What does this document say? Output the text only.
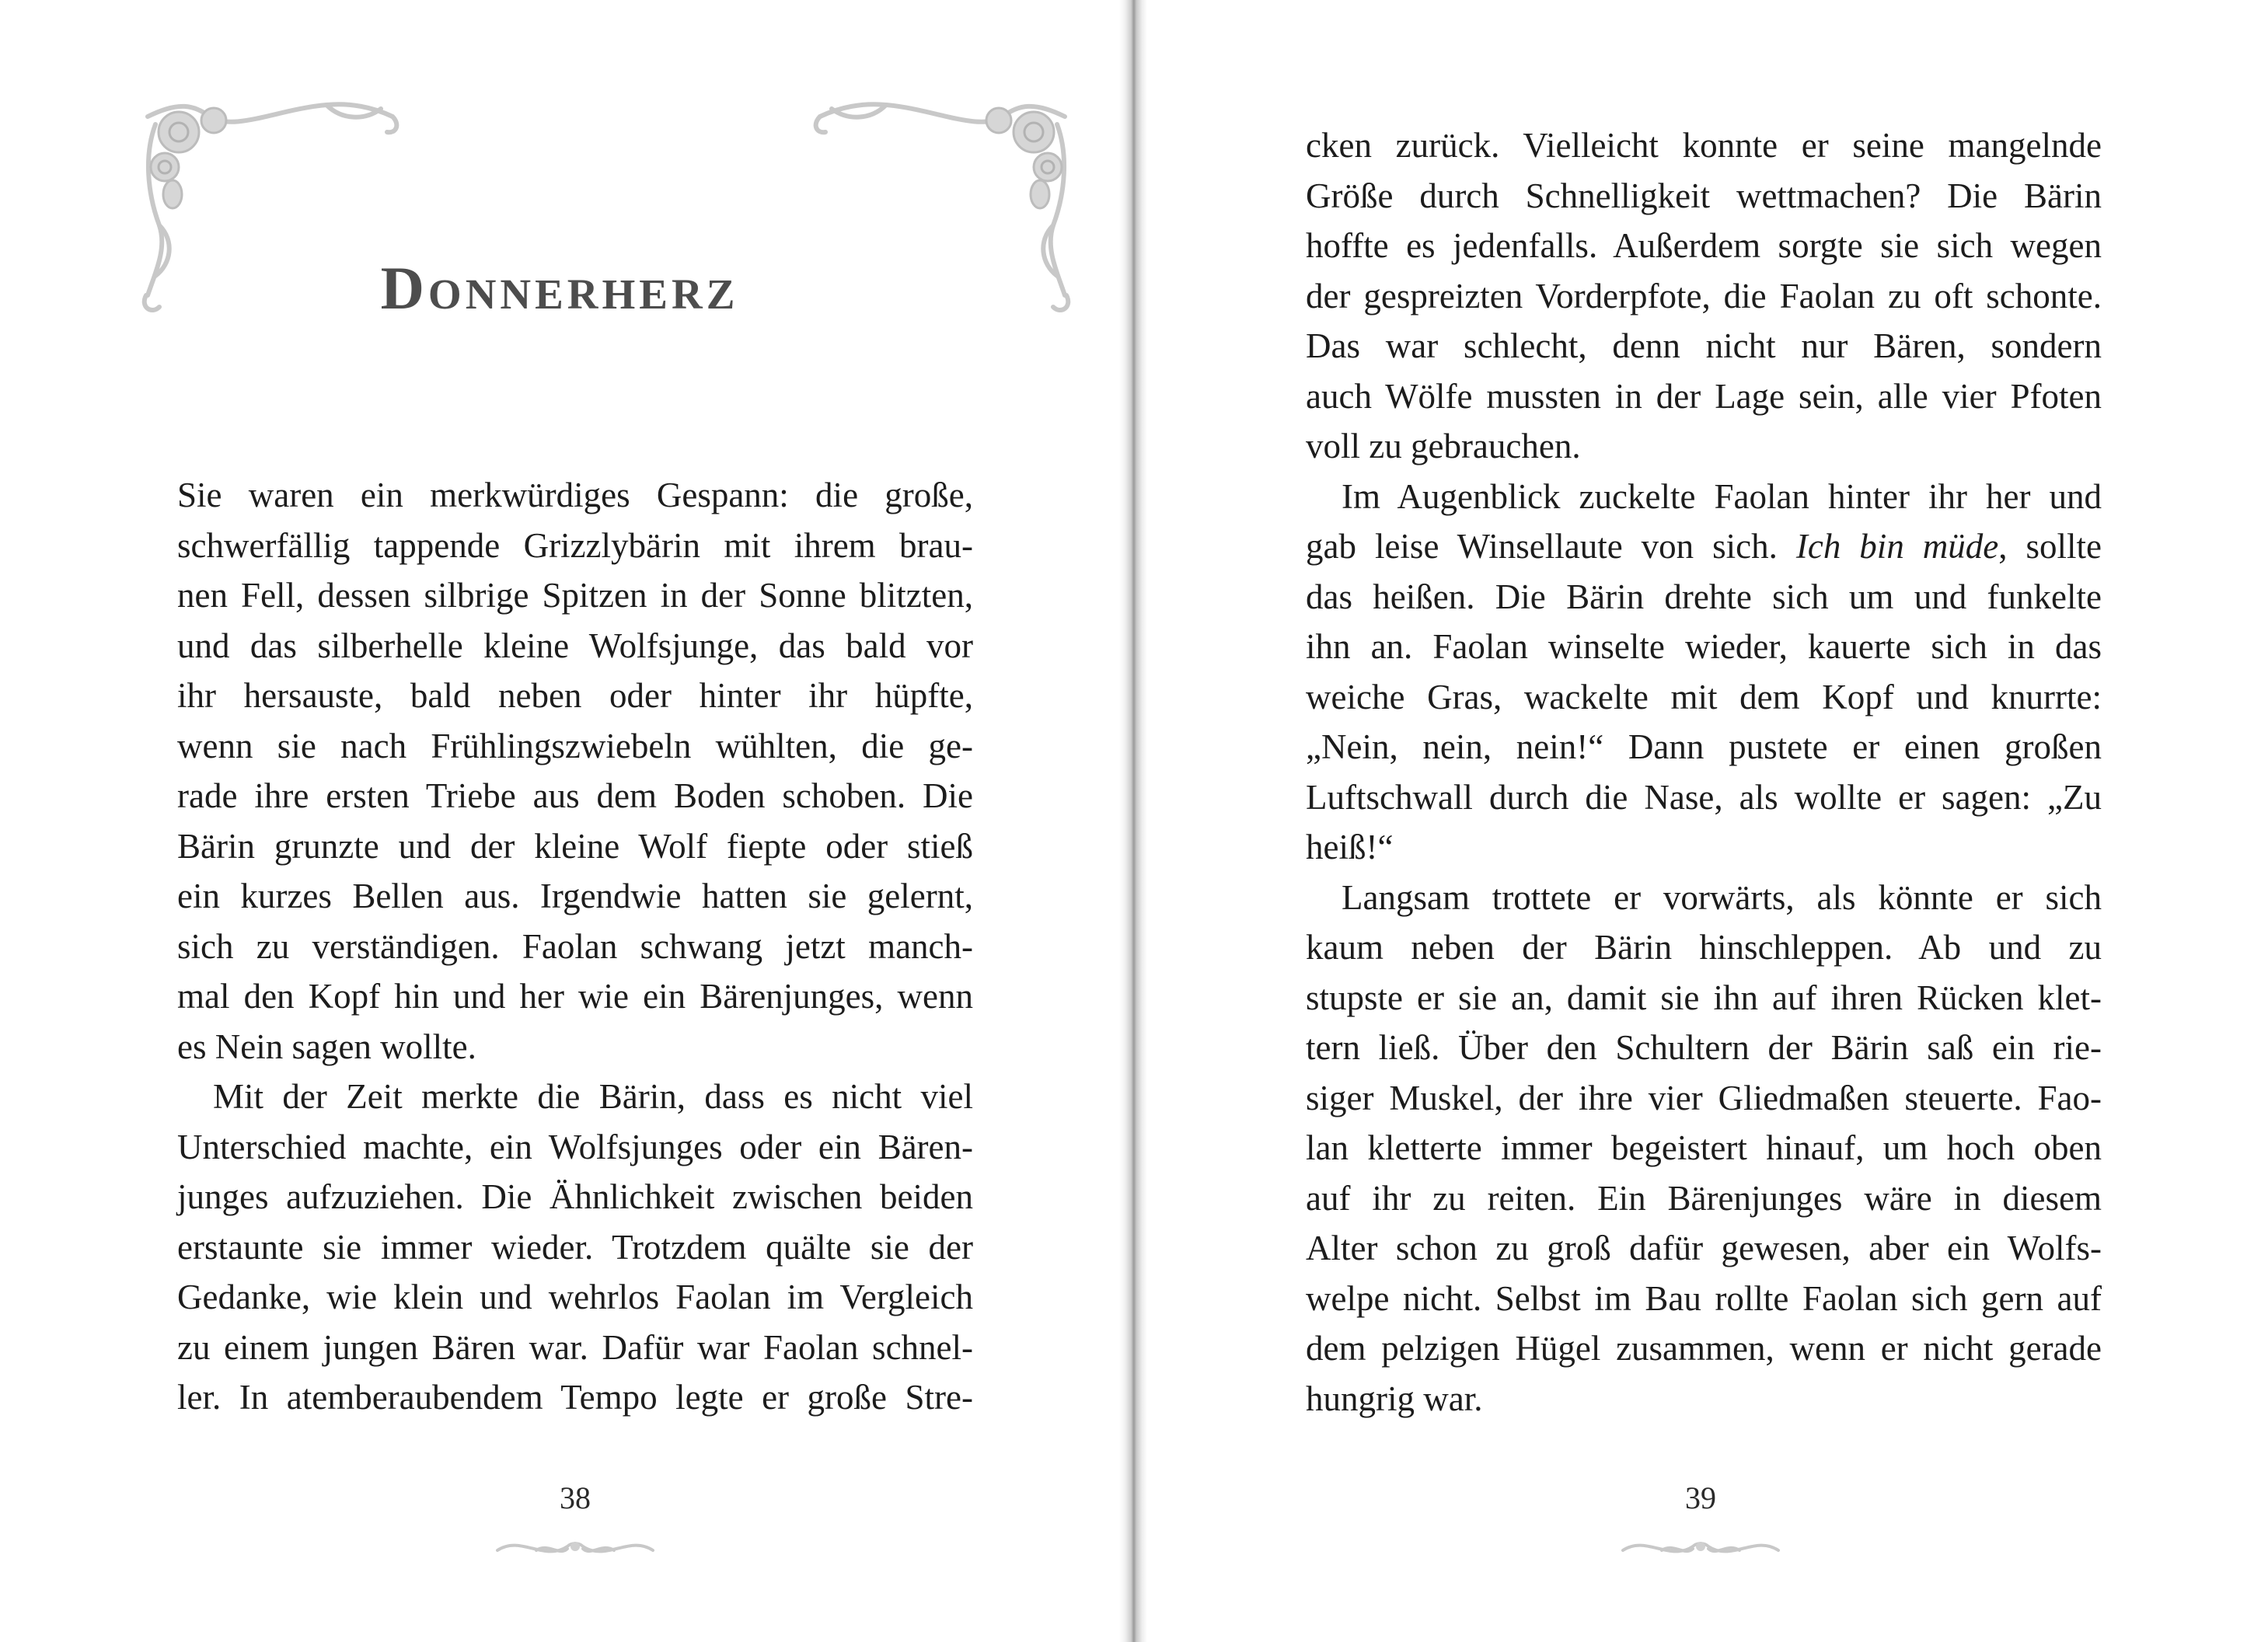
Donnerherz
Sie waren ein merkwürdiges Gespann: die große,
schwerfällig tappende Grizzlybärin mit ihrem brau-
nen Fell, dessen silbrige Spitzen in der Sonne blitzten,
und das silberhelle kleine Wolfsjunge, das bald vor
ihr hersauste, bald neben oder hinter ihr hüpfte,
wenn sie nach Frühlingszwiebeln wühlten, die ge-
rade ihre ersten Triebe aus dem Boden schoben. Die
Bärin grunzte und der kleine Wolf fiepte oder stieß
ein kurzes Bellen aus. Irgendwie hatten sie gelernt,
sich zu verständigen. Faolan schwang jetzt manch-
mal den Kopf hin und her wie ein Bärenjunges, wenn
es Nein sagen wollte.
Mit der Zeit merkte die Bärin, dass es nicht viel
Unterschied machte, ein Wolfsjunges oder ein Bären-
junges aufzuziehen. Die Ähnlichkeit zwischen beiden
erstaunte sie immer wieder. Trotzdem quälte sie der
Gedanke, wie klein und wehrlos Faolan im Vergleich
zu einem jungen Bären war. Dafür war Faolan schnel-
ler. In atemberaubendem Tempo legte er große Stre-
38
cken zurück. Vielleicht konnte er seine mangelnde
Größe durch Schnelligkeit wettmachen? Die Bärin
hoffte es jedenfalls. Außerdem sorgte sie sich wegen
der gespreizten Vorderpfote, die Faolan zu oft schonte.
Das war schlecht, denn nicht nur Bären, sondern
auch Wölfe mussten in der Lage sein, alle vier Pfoten
voll zu gebrauchen.
Im Augenblick zuckelte Faolan hinter ihr her und
gab leise Winsellaute von sich. Ich bin müde, sollte
das heißen. Die Bärin drehte sich um und funkelte
ihn an. Faolan winselte wieder, kauerte sich in das
weiche Gras, wackelte mit dem Kopf und knurrte:
„Nein, nein, nein!“ Dann pustete er einen großen
Luftschwall durch die Nase, als wollte er sagen: „Zu
heiß!“
Langsam trottete er vorwärts, als könnte er sich
kaum neben der Bärin hinschleppen. Ab und zu
stupste er sie an, damit sie ihn auf ihren Rücken klet-
tern ließ. Über den Schultern der Bärin saß ein rie-
siger Muskel, der ihre vier Gliedmaßen steuerte. Fao-
lan kletterte immer begeistert hinauf, um hoch oben
auf ihr zu reiten. Ein Bärenjunges wäre in diesem
Alter schon zu groß dafür gewesen, aber ein Wolfs-
welpe nicht. Selbst im Bau rollte Faolan sich gern auf
dem pelzigen Hügel zusammen, wenn er nicht gerade
hungrig war.
39
